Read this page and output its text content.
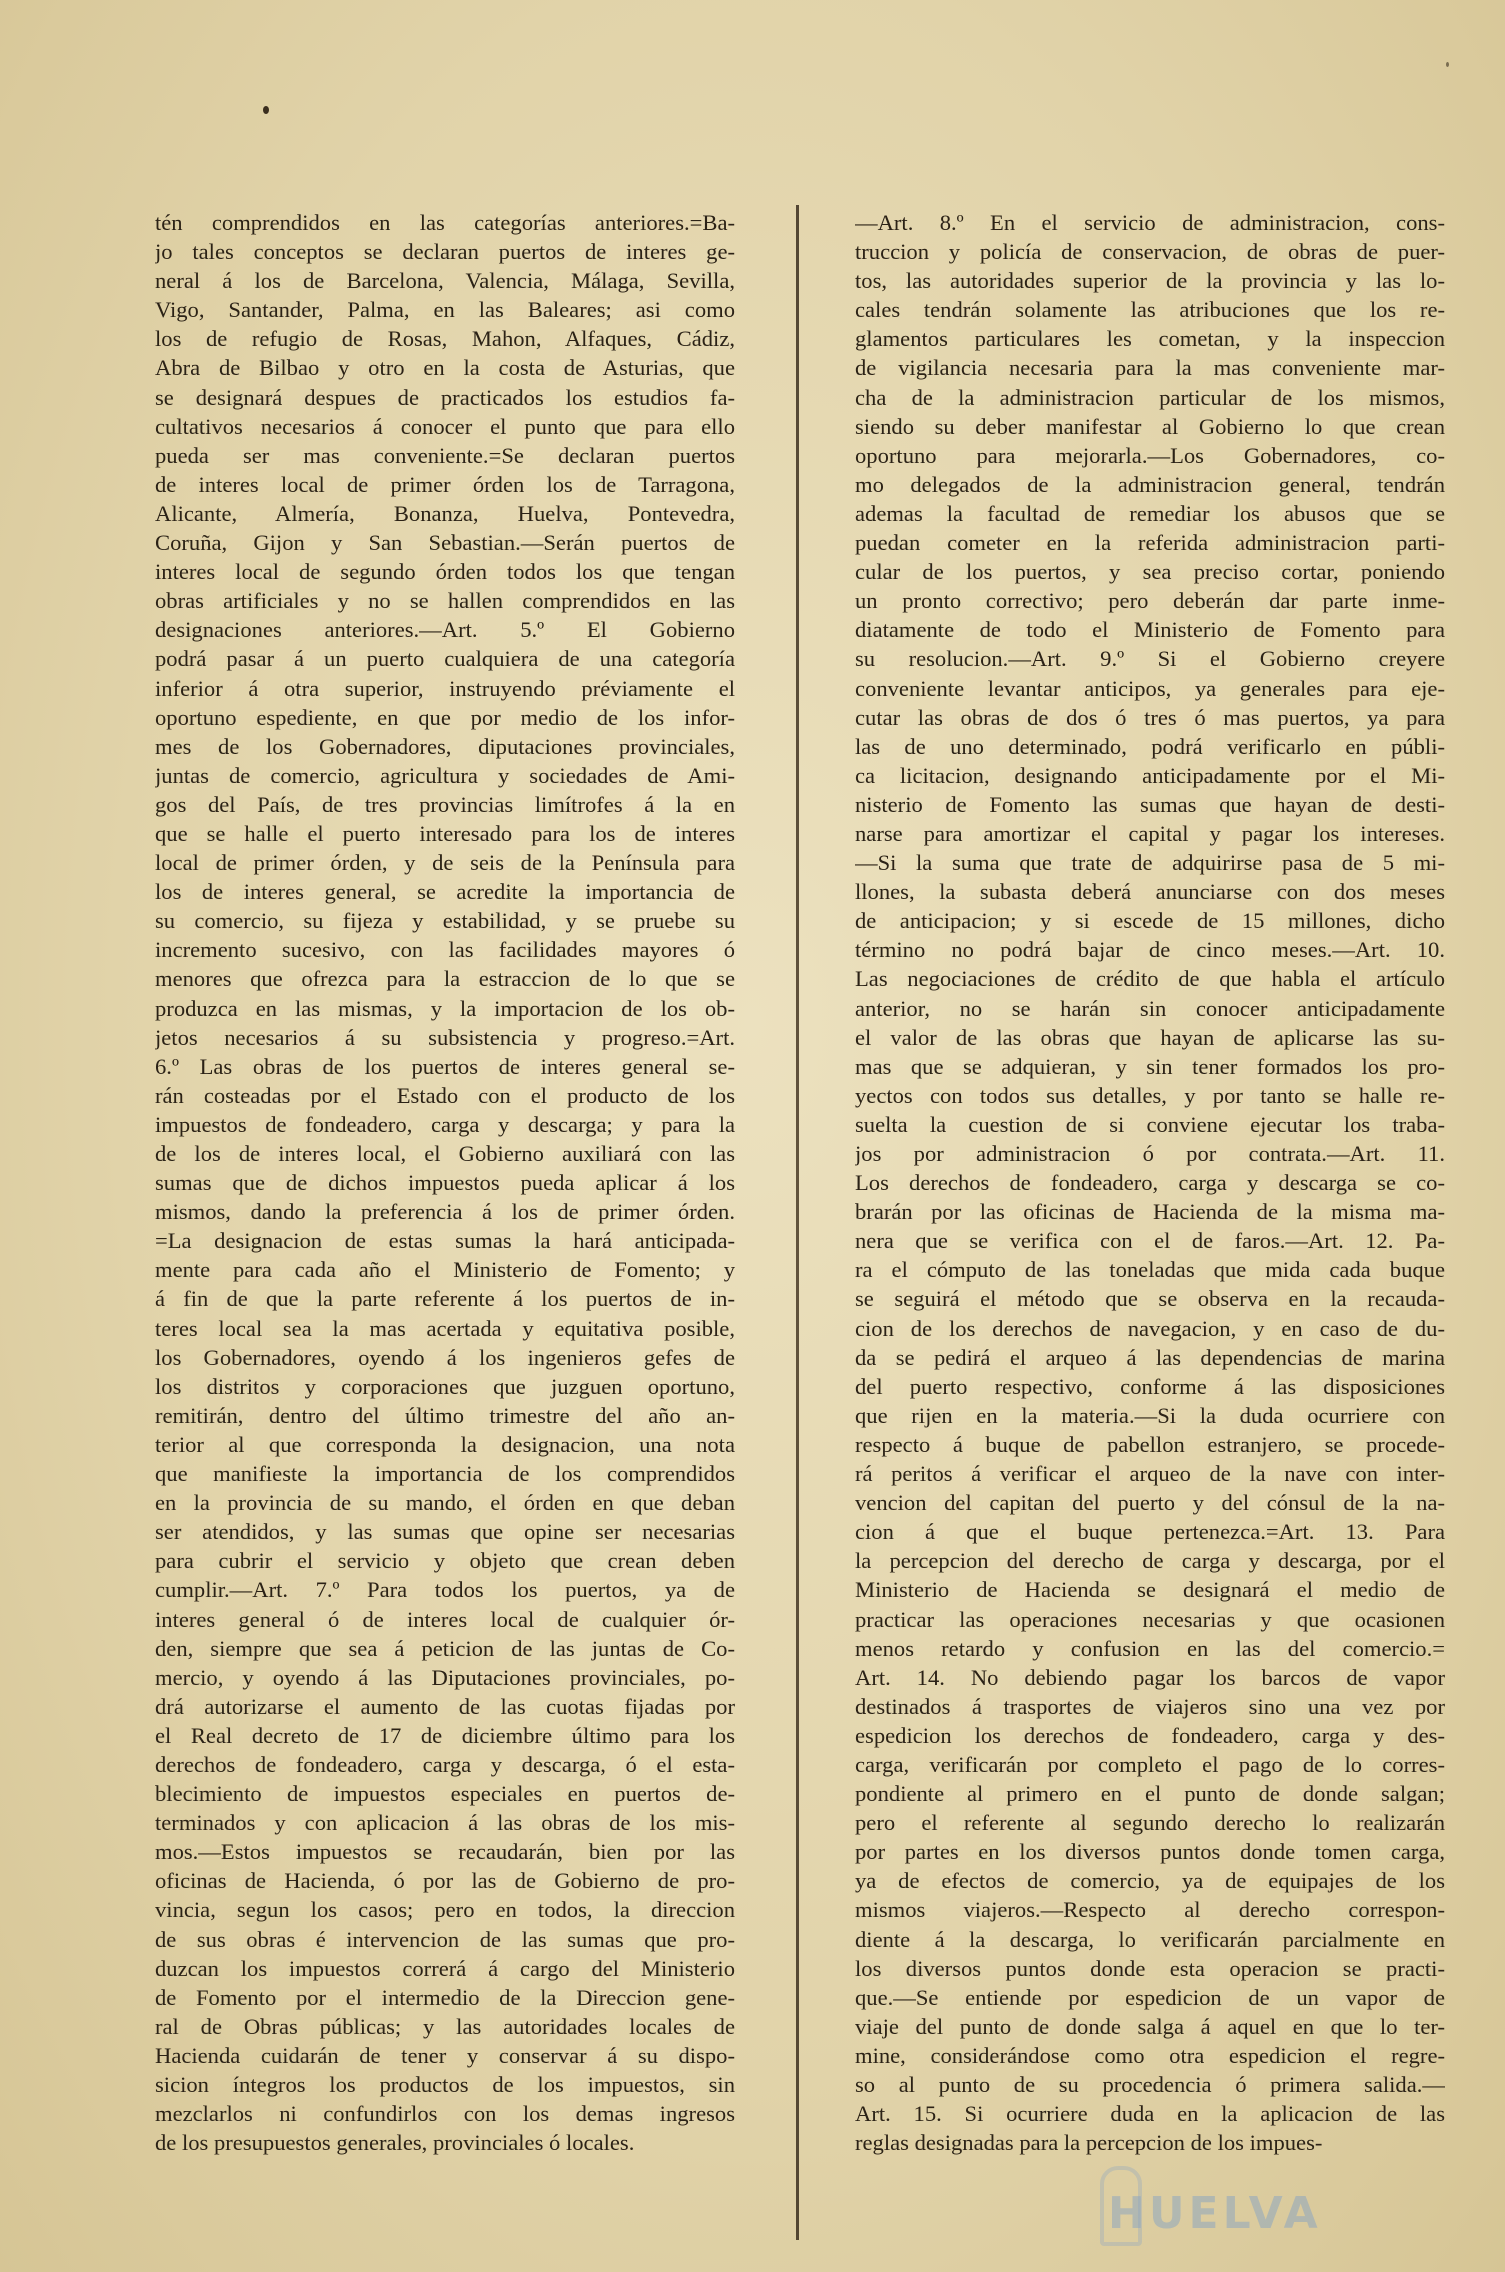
tén comprendidos en las categorías anteriores.=Ba-
jo tales conceptos se declaran puertos de interes ge-
neral á los de Barcelona, Valencia, Málaga, Sevilla,
Vigo, Santander, Palma, en las Baleares; asi como
los de refugio de Rosas, Mahon, Alfaques, Cádiz,
Abra de Bilbao y otro en la costa de Asturias, que
se designará despues de practicados los estudios fa-
cultativos necesarios á conocer el punto que para ello
pueda ser mas conveniente.=Se declaran puertos
de interes local de primer órden los de Tarragona,
Alicante, Almería, Bonanza, Huelva, Pontevedra,
Coruña, Gijon y San Sebastian.—Serán puertos de
interes local de segundo órden todos los que tengan
obras artificiales y no se hallen comprendidos en las
designaciones anteriores.—Art. 5.º El Gobierno
podrá pasar á un puerto cualquiera de una categoría
inferior á otra superior, instruyendo préviamente el
oportuno espediente, en que por medio de los infor-
mes de los Gobernadores, diputaciones provinciales,
juntas de comercio, agricultura y sociedades de Ami-
gos del País, de tres provincias limítrofes á la en
que se halle el puerto interesado para los de interes
local de primer órden, y de seis de la Península para
los de interes general, se acredite la importancia de
su comercio, su fijeza y estabilidad, y se pruebe su
incremento sucesivo, con las facilidades mayores ó
menores que ofrezca para la estraccion de lo que se
produzca en las mismas, y la importacion de los ob-
jetos necesarios á su subsistencia y progreso.=Art.
6.º Las obras de los puertos de interes general se-
rán costeadas por el Estado con el producto de los
impuestos de fondeadero, carga y descarga; y para la
de los de interes local, el Gobierno auxiliará con las
sumas que de dichos impuestos pueda aplicar á los
mismos, dando la preferencia á los de primer órden.
=La designacion de estas sumas la hará anticipada-
mente para cada año el Ministerio de Fomento; y
á fin de que la parte referente á los puertos de in-
teres local sea la mas acertada y equitativa posible,
los Gobernadores, oyendo á los ingenieros gefes de
los distritos y corporaciones que juzguen oportuno,
remitirán, dentro del último trimestre del año an-
terior al que corresponda la designacion, una nota
que manifieste la importancia de los comprendidos
en la provincia de su mando, el órden en que deban
ser atendidos, y las sumas que opine ser necesarias
para cubrir el servicio y objeto que crean deben
cumplir.—Art. 7.º Para todos los puertos, ya de
interes general ó de interes local de cualquier ór-
den, siempre que sea á peticion de las juntas de Co-
mercio, y oyendo á las Diputaciones provinciales, po-
drá autorizarse el aumento de las cuotas fijadas por
el Real decreto de 17 de diciembre último para los
derechos de fondeadero, carga y descarga, ó el esta-
blecimiento de impuestos especiales en puertos de-
terminados y con aplicacion á las obras de los mis-
mos.—Estos impuestos se recaudarán, bien por las
oficinas de Hacienda, ó por las de Gobierno de pro-
vincia, segun los casos; pero en todos, la direccion
de sus obras é intervencion de las sumas que pro-
duzcan los impuestos correrá á cargo del Ministerio
de Fomento por el intermedio de la Direccion gene-
ral de Obras públicas; y las autoridades locales de
Hacienda cuidarán de tener y conservar á su dispo-
sicion íntegros los productos de los impuestos, sin
mezclarlos ni confundirlos con los demas ingresos
de los presupuestos generales, provinciales ó locales.
—Art. 8.º En el servicio de administracion, cons-
truccion y policía de conservacion, de obras de puer-
tos, las autoridades superior de la provincia y las lo-
cales tendrán solamente las atribuciones que los re-
glamentos particulares les cometan, y la inspeccion
de vigilancia necesaria para la mas conveniente mar-
cha de la administracion particular de los mismos,
siendo su deber manifestar al Gobierno lo que crean
oportuno para mejorarla.—Los Gobernadores, co-
mo delegados de la administracion general, tendrán
ademas la facultad de remediar los abusos que se
puedan cometer en la referida administracion parti-
cular de los puertos, y sea preciso cortar, poniendo
un pronto correctivo; pero deberán dar parte inme-
diatamente de todo el Ministerio de Fomento para
su resolucion.—Art. 9.º Si el Gobierno creyere
conveniente levantar anticipos, ya generales para eje-
cutar las obras de dos ó tres ó mas puertos, ya para
las de uno determinado, podrá verificarlo en públi-
ca licitacion, designando anticipadamente por el Mi-
nisterio de Fomento las sumas que hayan de desti-
narse para amortizar el capital y pagar los intereses.
—Si la suma que trate de adquirirse pasa de 5 mi-
llones, la subasta deberá anunciarse con dos meses
de anticipacion; y si escede de 15 millones, dicho
término no podrá bajar de cinco meses.—Art. 10.
Las negociaciones de crédito de que habla el artículo
anterior, no se harán sin conocer anticipadamente
el valor de las obras que hayan de aplicarse las su-
mas que se adquieran, y sin tener formados los pro-
yectos con todos sus detalles, y por tanto se halle re-
suelta la cuestion de si conviene ejecutar los traba-
jos por administracion ó por contrata.—Art. 11.
Los derechos de fondeadero, carga y descarga se co-
brarán por las oficinas de Hacienda de la misma ma-
nera que se verifica con el de faros.—Art. 12. Pa-
ra el cómputo de las toneladas que mida cada buque
se seguirá el método que se observa en la recauda-
cion de los derechos de navegacion, y en caso de du-
da se pedirá el arqueo á las dependencias de marina
del puerto respectivo, conforme á las disposiciones
que rijen en la materia.—Si la duda ocurriere con
respecto á buque de pabellon estranjero, se procede-
rá peritos á verificar el arqueo de la nave con inter-
vencion del capitan del puerto y del cónsul de la na-
cion á que el buque pertenezca.=Art. 13. Para
la percepcion del derecho de carga y descarga, por el
Ministerio de Hacienda se designará el medio de
practicar las operaciones necesarias y que ocasionen
menos retardo y confusion en las del comercio.=
Art. 14. No debiendo pagar los barcos de vapor
destinados á trasportes de viajeros sino una vez por
espedicion los derechos de fondeadero, carga y des-
carga, verificarán por completo el pago de lo corres-
pondiente al primero en el punto de donde salgan;
pero el referente al segundo derecho lo realizarán
por partes en los diversos puntos donde tomen carga,
ya de efectos de comercio, ya de equipajes de los
mismos viajeros.—Respecto al derecho correspon-
diente á la descarga, lo verificarán parcialmente en
los diversos puntos donde esta operacion se practi-
que.—Se entiende por espedicion de un vapor de
viaje del punto de donde salga á aquel en que lo ter-
mine, considerándose como otra espedicion el regre-
so al punto de su procedencia ó primera salida.—
Art. 15. Si ocurriere duda en la aplicacion de las
reglas designadas para la percepcion de los impues-
HUELVA
